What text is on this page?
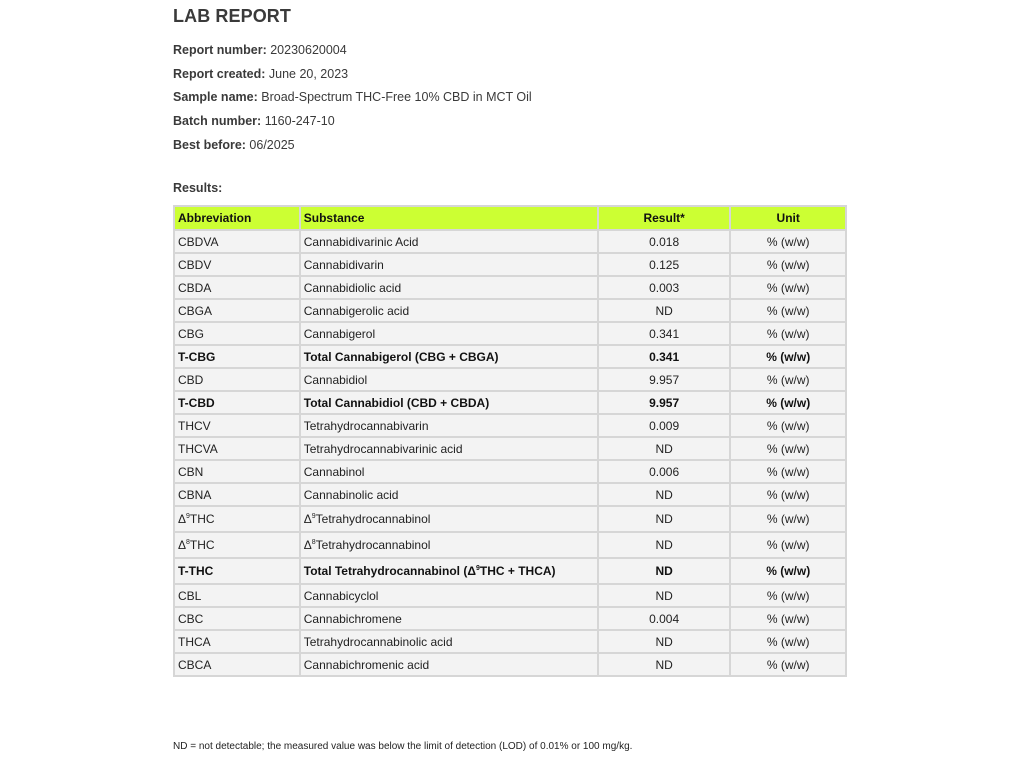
LAB REPORT
Report number: 20230620004
Report created: June 20, 2023
Sample name: Broad-Spectrum THC-Free 10% CBD in MCT Oil
Batch number: 1160-247-10
Best before: 06/2025
Results:
Abbreviation	Substance	Result*	Unit
CBDVA	Cannabidivarinic Acid	0.018	% (w/w)
CBDV	Cannabidivarin	0.125	% (w/w)
CBDA	Cannabidiolic acid	0.003	% (w/w)
CBGA	Cannabigerolic acid	ND	% (w/w)
CBG	Cannabigerol	0.341	% (w/w)
T-CBG	Total Cannabigerol (CBG + CBGA)	0.341	% (w/w)
CBD	Cannabidiol	9.957	% (w/w)
T-CBD	Total Cannabidiol (CBD + CBDA)	9.957	% (w/w)
THCV	Tetrahydrocannabivarin	0.009	% (w/w)
THCVA	Tetrahydrocannabivarinic acid	ND	% (w/w)
CBN	Cannabinol	0.006	% (w/w)
CBNA	Cannabinolic acid	ND	% (w/w)
$\Delta^9THC$	$\Delta^9Tetrahydrocannabinol$	ND	% (w/w)
$\Delta^8THC$	$\Delta^8Tetrahydrocannabinol$	ND	% (w/w)
T-THC	Total Tetrahydrocannabinol ($\Delta^9THC$ + THCA)	ND	% (w/w)
CBL	Cannabicyclol	ND	% (w/w)
CBC	Cannabichromene	0.004	% (w/w)
THCA	Tetrahydrocannabinolic acid	ND	% (w/w)
CBCA	Cannabichromenic acid	ND	% (w/w)
ND = not detectable; the measured value was below the limit of detection (LOD) of 0.01% or 100 mg/kg.
